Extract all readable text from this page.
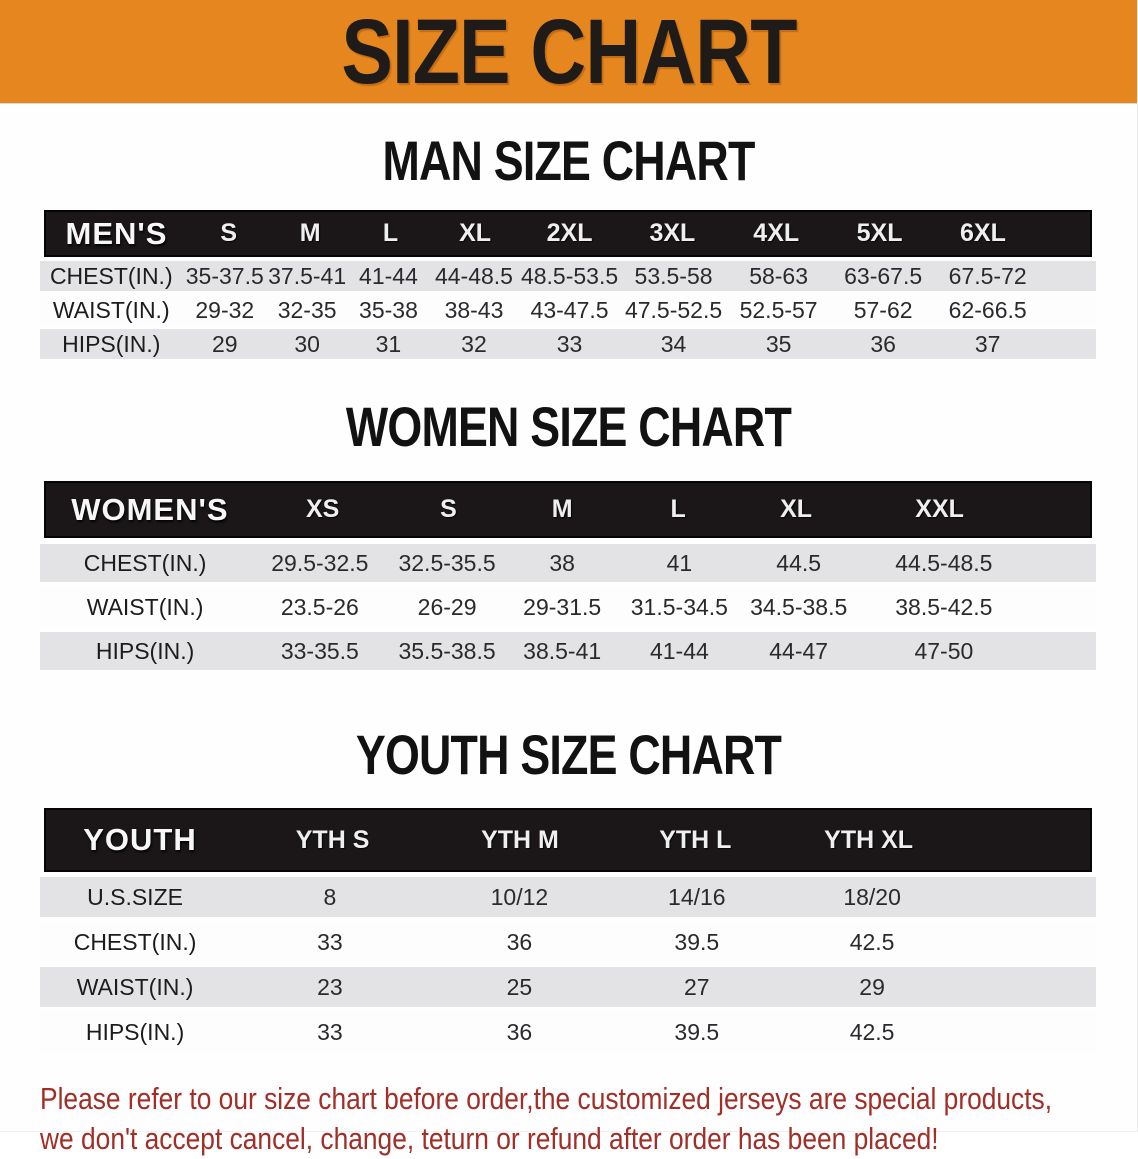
SIZE CHART
MAN SIZE CHART
MEN'S	S	M	L	XL	2XL	3XL	4XL	5XL	6XL
CHEST(IN.) 35-37.5 37.5-41 41-44 44-48.5 48.5-53.5 53.5-58	58-63	63-67.5	67.5-72
WAIST(IN.)	29-32	32-35 35-38	38-43	43-47.5 47.5-52.5 52.5-57	57-62	62-66.5
HIPS(IN.)	29	30	31	32	33	34	35	36	37
WOMEN SIZE CHART
WOMEN'S	XS	S	M	L	XL	XXL
CHEST(IN.)	29.5-32.5	32.5-35.5	38	41	44.5	44.5-48.5
WAIST(IN.)	23.5-26	26-29	29-31.5	31.5-34.5 34.5-38.5	38.5-42.5
HIPS(IN.)	33-35.5	35.5-38.5	38.5-41	41-44	44-47	47-50
YOUTH SIZE CHART
YOUTH	YTH S	YTH M	YTH L	YTH XL
U.S.SIZE	8	10/12	14/16	18/20
CHEST(IN.)	33	36	39.5	42.5
WAIST(IN.)	23	25	27	29
HIPS(IN.)	33	36	39.5	42.5

Please refer to our size chart before order,the customized jerseys are special products,

we don't accept cancel, change, teturn or refund after order has been placed!
